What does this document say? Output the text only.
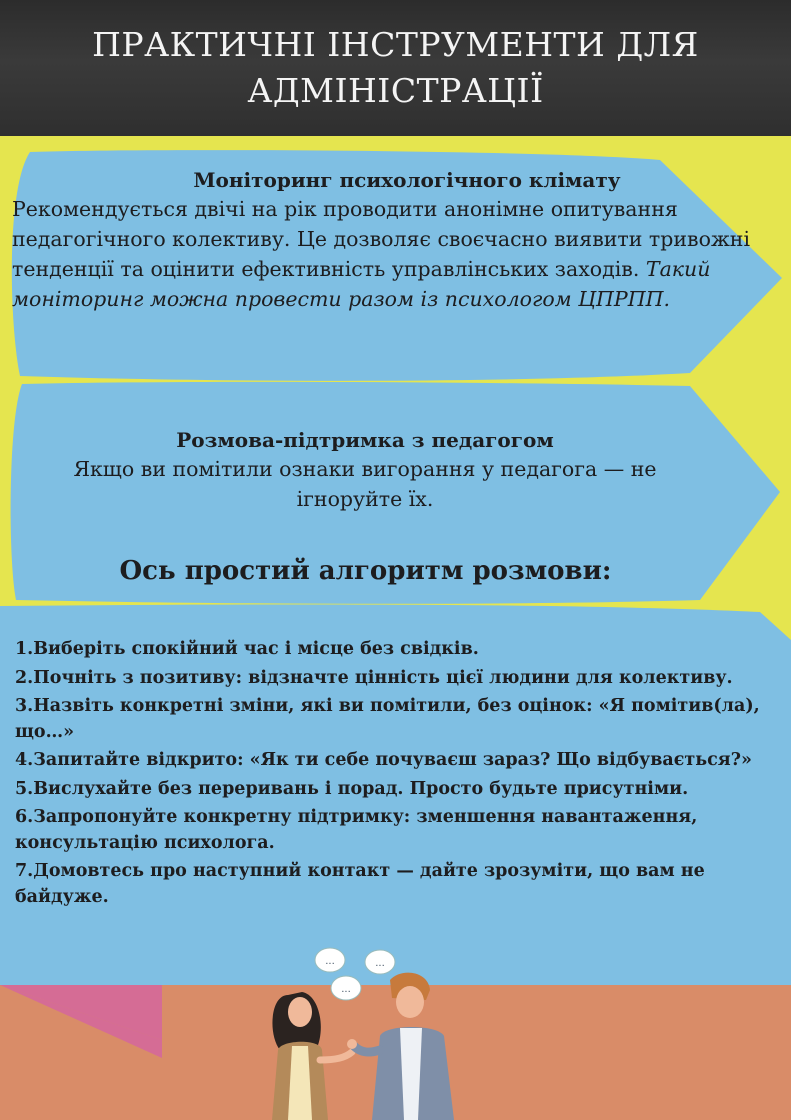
ПРАКТИЧНІ ІНСТРУМЕНТИ ДЛЯ
АДМІНІСТРАЦІЇ
Моніторинг психологічного клімату

Рекомендується двічі на рік проводити анонімне опитування педагогічного колективу. Це дозволяє своєчасно виявити тривожні тенденції та оцінити ефективність управлінських заходів. Такий моніторинг можна провести разом із психологом ЦПРПП.

Розмова-підтримка з педагогом

Якщо ви помітили ознаки вигорання у педагога — не ігноруйте їх.

Ось простий алгоритм розмови:
1.Виберіть спокійний час і місце без свідків.
2.Почніть з позитиву: відзначте цінність цієї людини для колективу.
3.Назвіть конкретні зміни, які ви помітили, без оцінок: «Я помітив(ла), що…»
4.Запитайте відкрито: «Як ти себе почуваєш зараз? Що відбувається?»
5.Вислухайте без переривань і порад. Просто будьте присутніми.
6.Запропонуйте конкретну підтримку: зменшення навантаження, консультацію психолога.
7.Домовтесь про наступний контакт — дайте зрозуміти, що вам не байдуже.
...	...
...
